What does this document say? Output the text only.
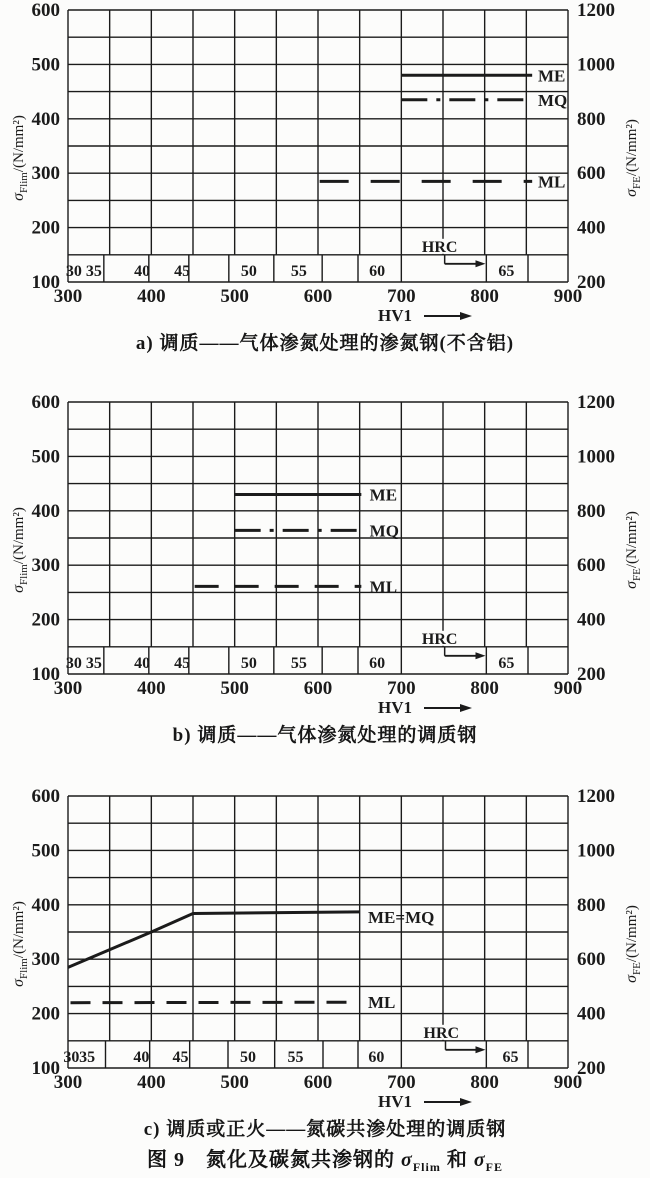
30 35 40 45	50 55	60	65
HRC
ME
MQ
ML
300	400	500	600	700	800	900
100
200
300
400
500
600
200
400
600
800
1000
1200
HV1
$\sigma_{Flim}/(N/mm^2)$
$\sigma_{FE}/(N/mm^2)$
a) 调质——气体渗氮处理的渗氮钢(不含铝)
30 35 40 45	50 55	60	65
HRC
ME
MQ
ML
300	400	500	600	700	800	900
100
200
300
400
500
600
200
400
600
800
1000
1200
HV1
$\sigma_{Flim}/(N/mm^2)$
$\sigma_{FE}/(N/mm^2)$
b) 调质——气体渗氮处理的调质钢
30 35 40 45	50 55	60	65
HRC
ME=MQ
ML
300	400	500	600	700	800	900
100
200
300
400
500
600
200
400
600
800
1000
1200
HV1
$\sigma_{Flim}/(N/mm^2)$
$\sigma_{FE}/(N/mm^2)$
c) 调质或正火——氮碳共渗处理的调质钢
图 9　氮化及碳氮共渗钢的 $\sigma_{Flim}$ 和 $\sigma_{FE}$
